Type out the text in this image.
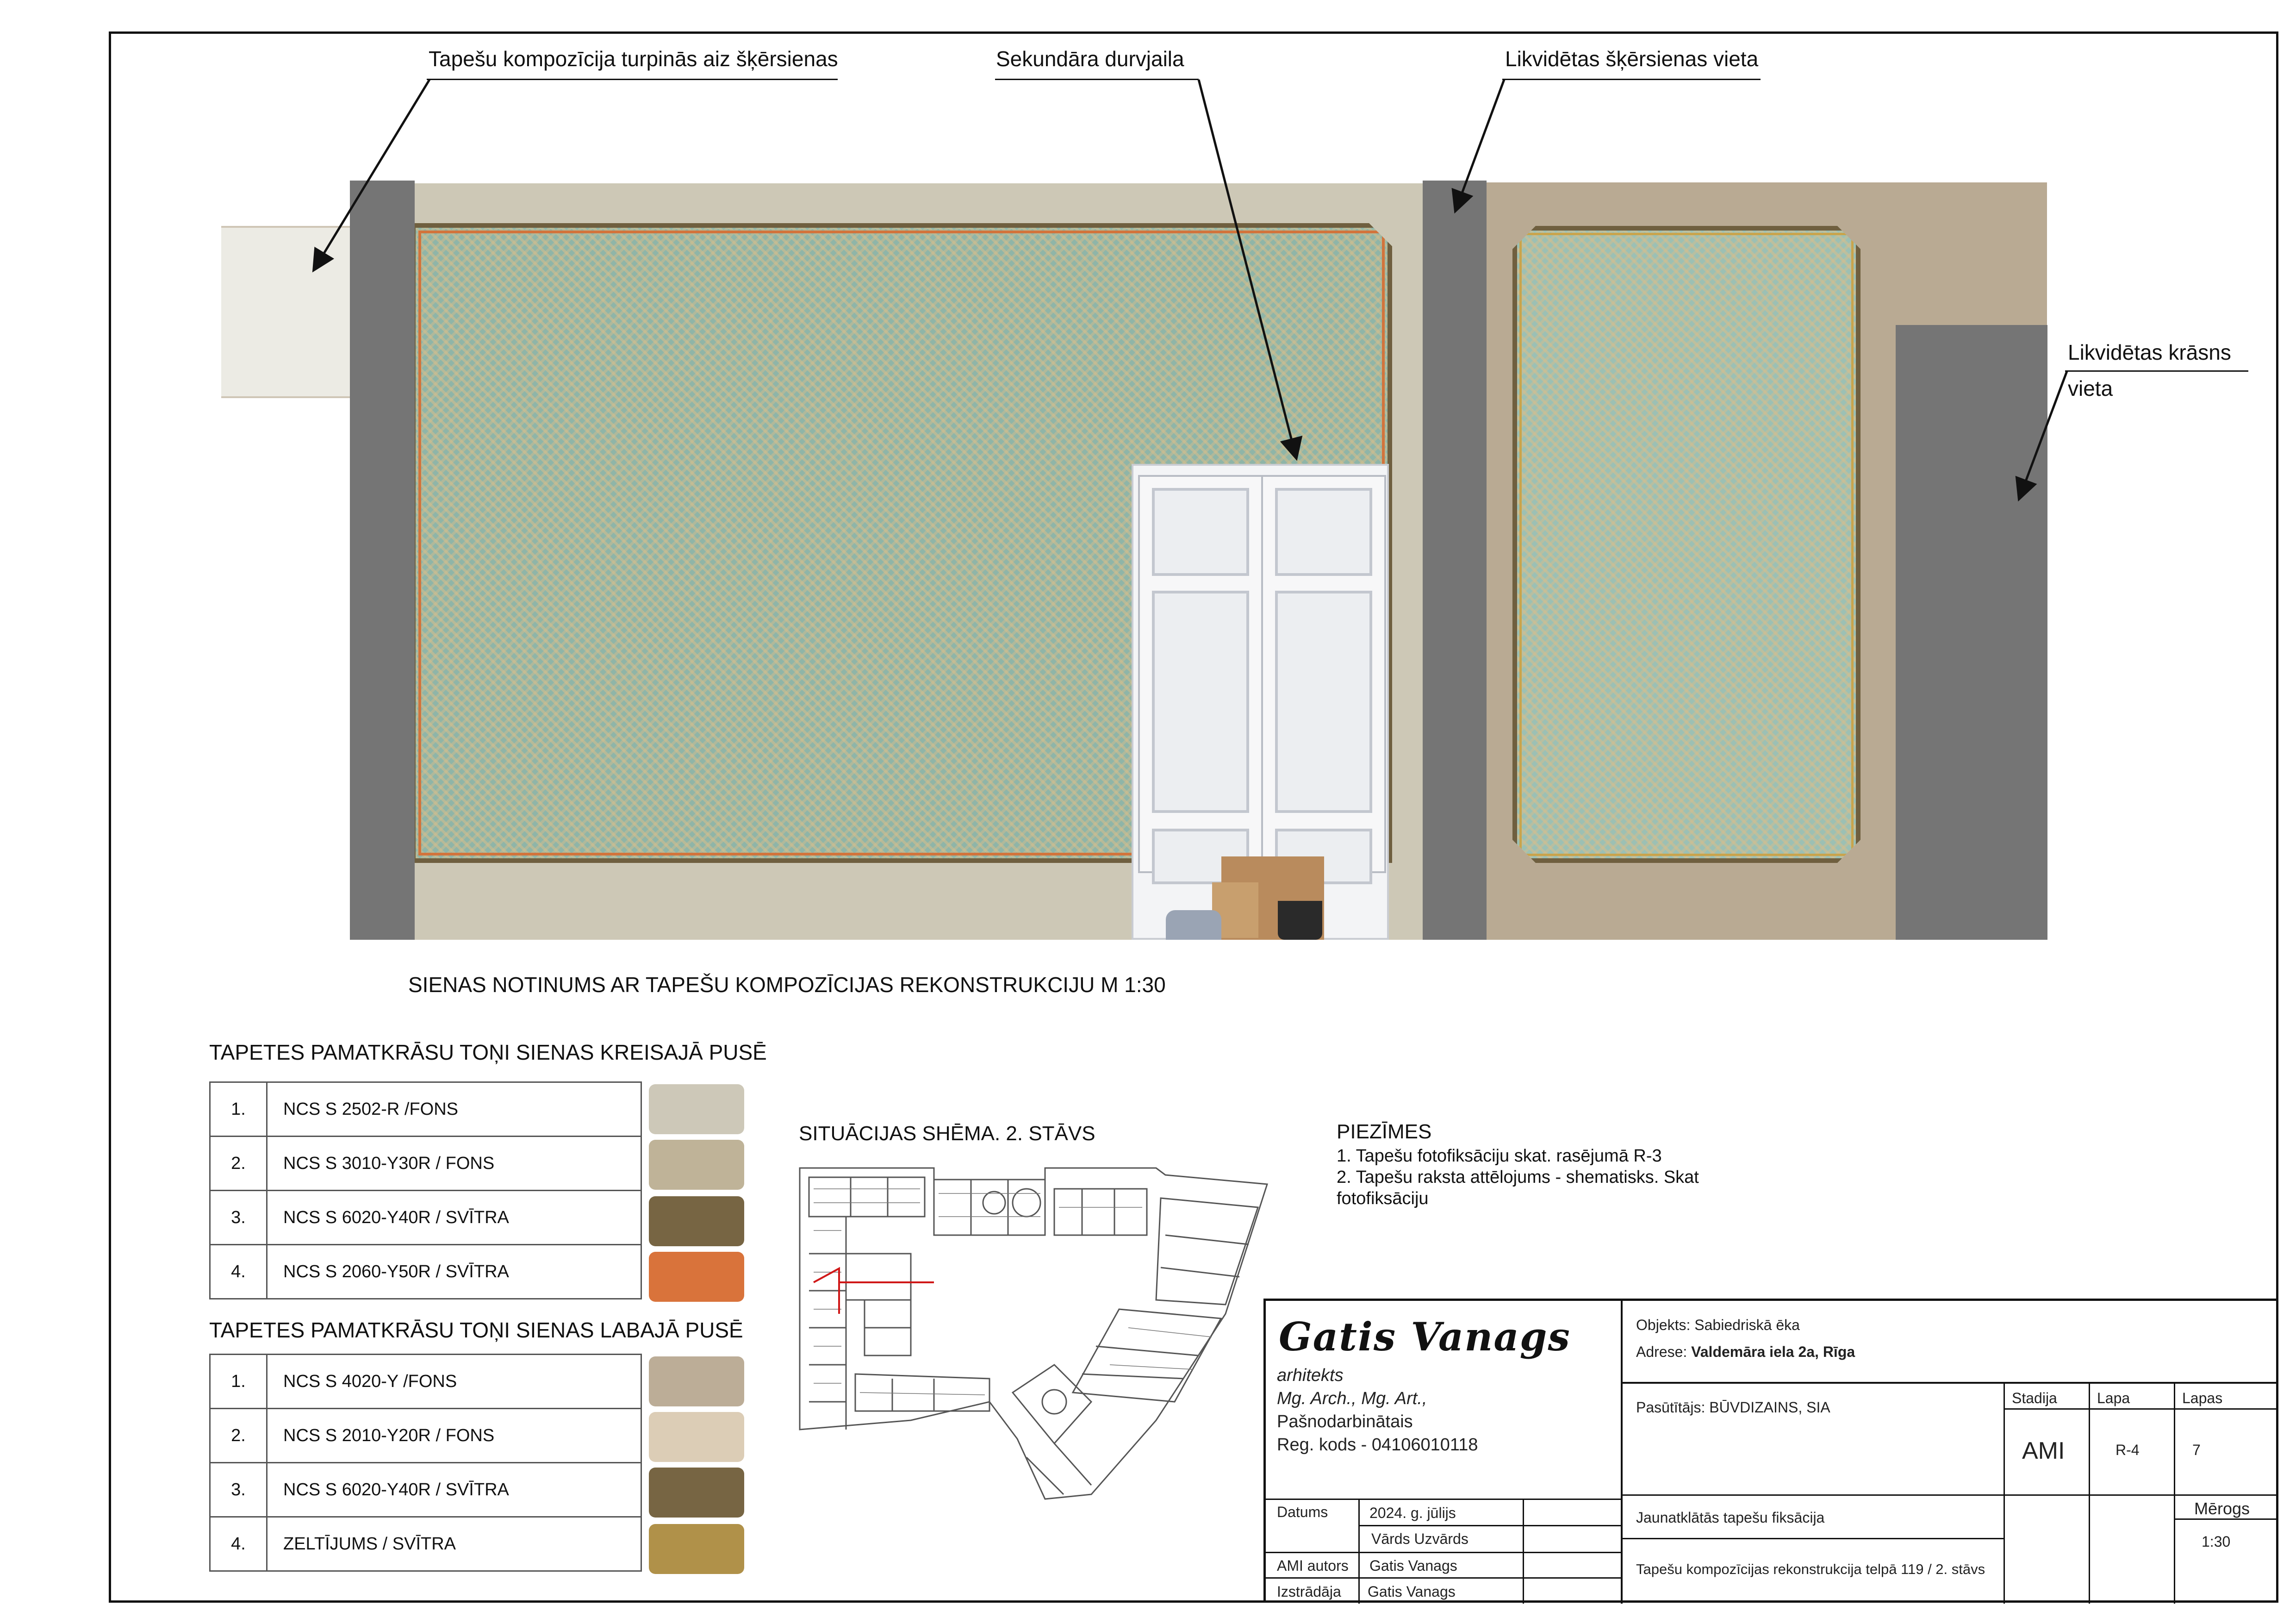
Tapešu kompozīcija turpinās aiz šķērsienas	Sekundāra durvjaila	Likvidētas šķērsienas vieta
Likvidētas krāsns
vieta
SIENAS NOTINUMS AR TAPEŠU KOMPOZĪCIJAS REKONSTRUKCIJU M 1:30
TAPETES PAMATKRĀSU TOŅI SIENAS KREISAJĀ PUSĒ
1.	NCS S 2502-R /FONS
2.	NCS S 3010-Y30R / FONS
3.	NCS S 6020-Y40R / SVĪTRA
4.	NCS S 2060-Y50R / SVĪTRA
TAPETES PAMATKRĀSU TOŅI SIENAS LABAJĀ PUSĒ
1.	NCS S 4020-Y /FONS
2.	NCS S 2010-Y20R / FONS
3.	NCS S 6020-Y40R / SVĪTRA
4.	ZELTĪJUMS / SVĪTRA
SITUĀCIJAS SHĒMA. 2. STĀVS	PIEZĪMES
1. Tapešu fotofiksāciju skat. rasējumā R-3
2. Tapešu raksta attēlojums - shematisks. Skat
fotofiksāciju
Gatis Vanags
arhitekts
Mg. Arch., Mg. Art.,
Pašnodarbinātais
Reg. kods - 04106010118
Datums	2024. g. jūlijs
Vārds Uzvārds
AMI autors Gatis Vanags
Izstrādāja Gatis Vanags
Objekts: Sabiedriskā ēka
Adrese: Valdemāra iela 2a, Rīga
Pasūtītājs: BŪVDIZAINS, SIA
Stadija	Lapa	Lapas
AMI	R-4	7
Mērogs
1:30
Jaunatklātās tapešu fiksācija
Tapešu kompozīcijas rekonstrukcija telpā 119 / 2. stāvs
